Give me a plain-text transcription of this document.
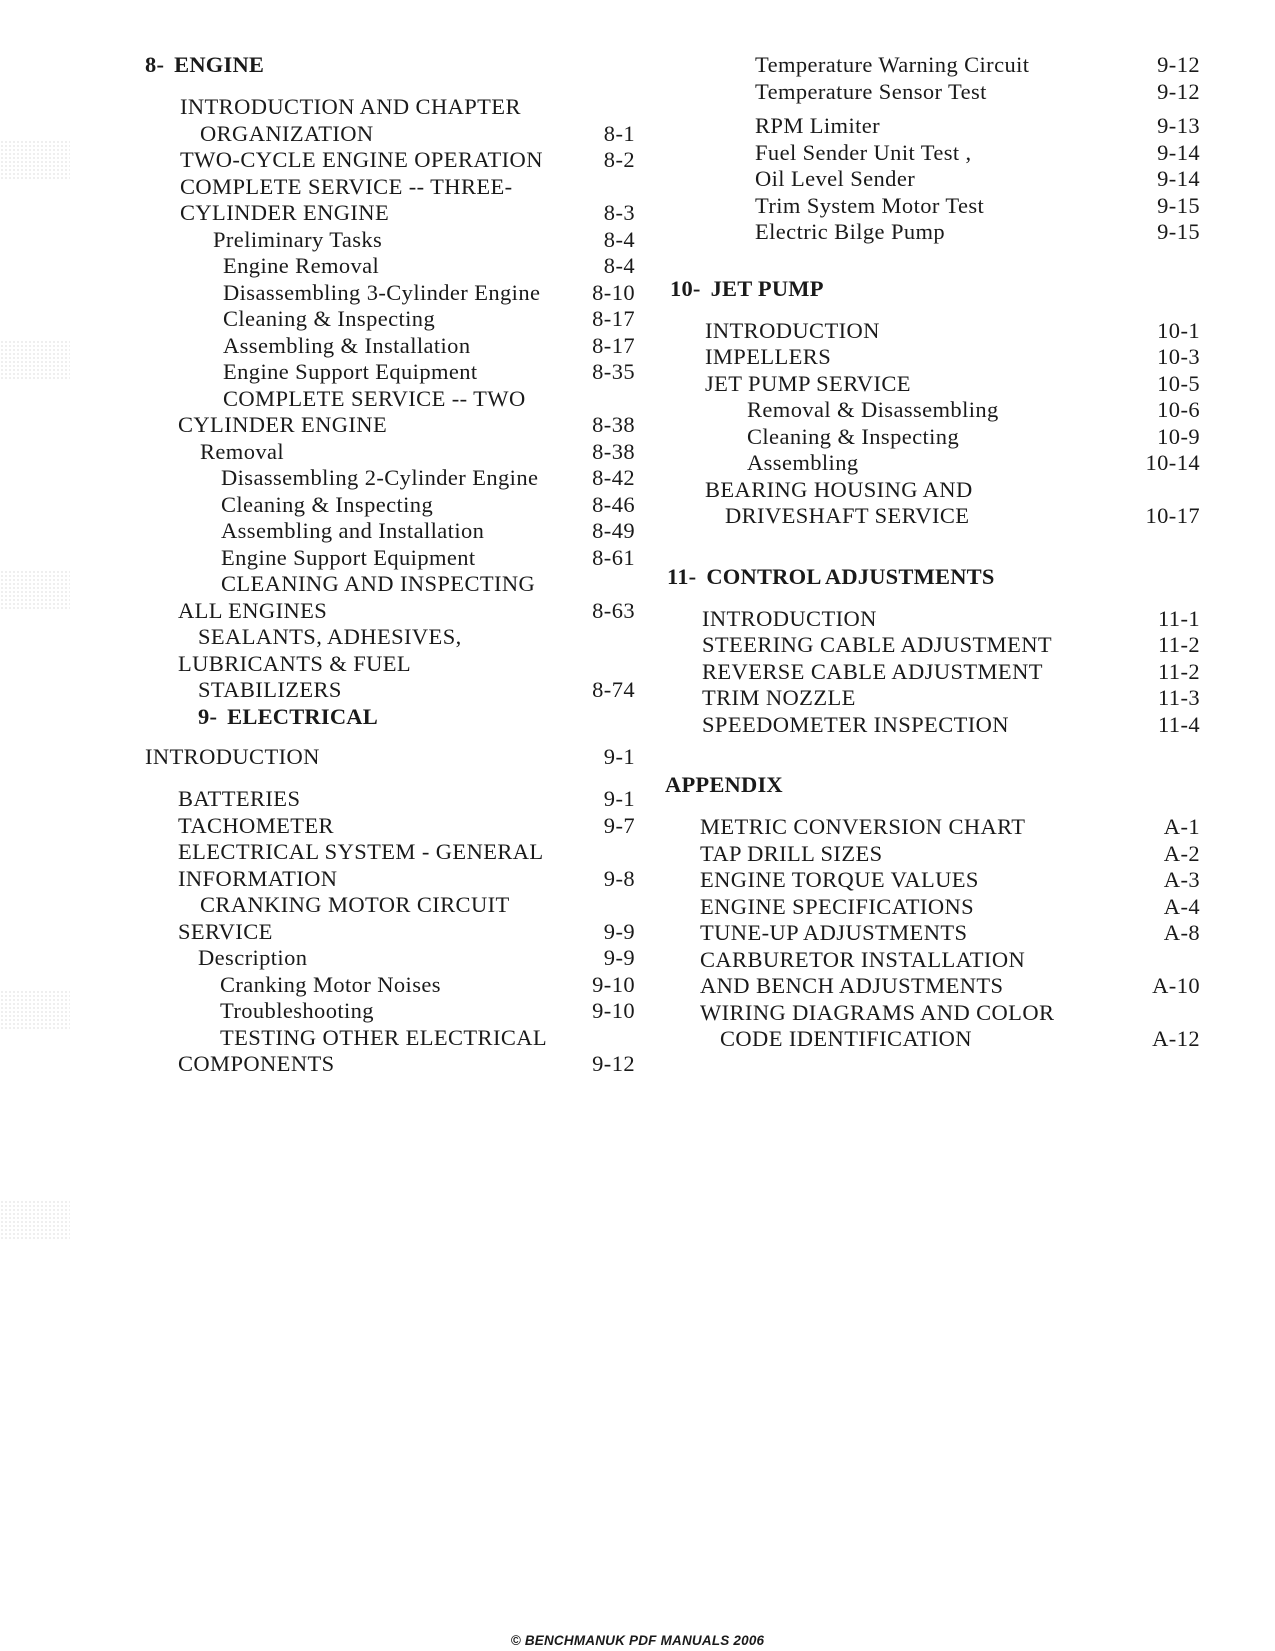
8- ENGINE
INTRODUCTION AND CHAPTER
ORGANIZATION	8-1
TWO-CYCLE ENGINE OPERATION	8-2
COMPLETE SERVICE -- THREE-
CYLINDER ENGINE	8-3
Preliminary Tasks	8-4
Engine Removal	8-4
Disassembling 3-Cylinder Engine 8-10
Cleaning & Inspecting	8-17
Assembling & Installation	8-17
Engine Support Equipment	8-35
COMPLETE SERVICE -- TWO
CYLINDER ENGINE	8-38
Removal	8-38
Disassembling 2-Cylinder Engine 8-42
Cleaning & Inspecting	8-46
Assembling and Installation	8-49
Engine Support Equipment	8-61
CLEANING AND INSPECTING
ALL ENGINES	8-63
SEALANTS, ADHESIVES,
LUBRICANTS & FUEL
STABILIZERS	8-74
9- ELECTRICAL
INTRODUCTION	9-1
BATTERIES	9-1
TACHOMETER	9-7
ELECTRICAL SYSTEM - GENERAL
INFORMATION	9-8
CRANKING MOTOR CIRCUIT
SERVICE	9-9
Description	9-9
Cranking Motor Noises	9-10
Troubleshooting	9-10
TESTING OTHER ELECTRICAL
COMPONENTS	9-12
Temperature Warning Circuit	9-12
Temperature Sensor Test	9-12
RPM Limiter	9-13
Fuel Sender Unit Test ,	9-14
Oil Level Sender	9-14
Trim System Motor Test	9-15
Electric Bilge Pump	9-15
10- JET PUMP
INTRODUCTION	10-1
IMPELLERS	10-3
JET PUMP SERVICE	10-5
Removal & Disassembling	10-6
Cleaning & Inspecting	10-9
Assembling	10-14
BEARING HOUSING AND
DRIVESHAFT SERVICE	10-17
11- CONTROL ADJUSTMENTS
INTRODUCTION	11-1
STEERING CABLE ADJUSTMENT	11-2
REVERSE CABLE ADJUSTMENT	11-2
TRIM NOZZLE	11-3
SPEEDOMETER INSPECTION	11-4
APPENDIX
METRIC CONVERSION CHART	A-1
TAP DRILL SIZES	A-2
ENGINE TORQUE VALUES	A-3
ENGINE SPECIFICATIONS	A-4
TUNE-UP ADJUSTMENTS	A-8
CARBURETOR INSTALLATION
AND BENCH ADJUSTMENTS	A-10
WIRING DIAGRAMS AND COLOR
CODE IDENTIFICATION	A-12
© BENCHMANUK PDF MANUALS 2006
